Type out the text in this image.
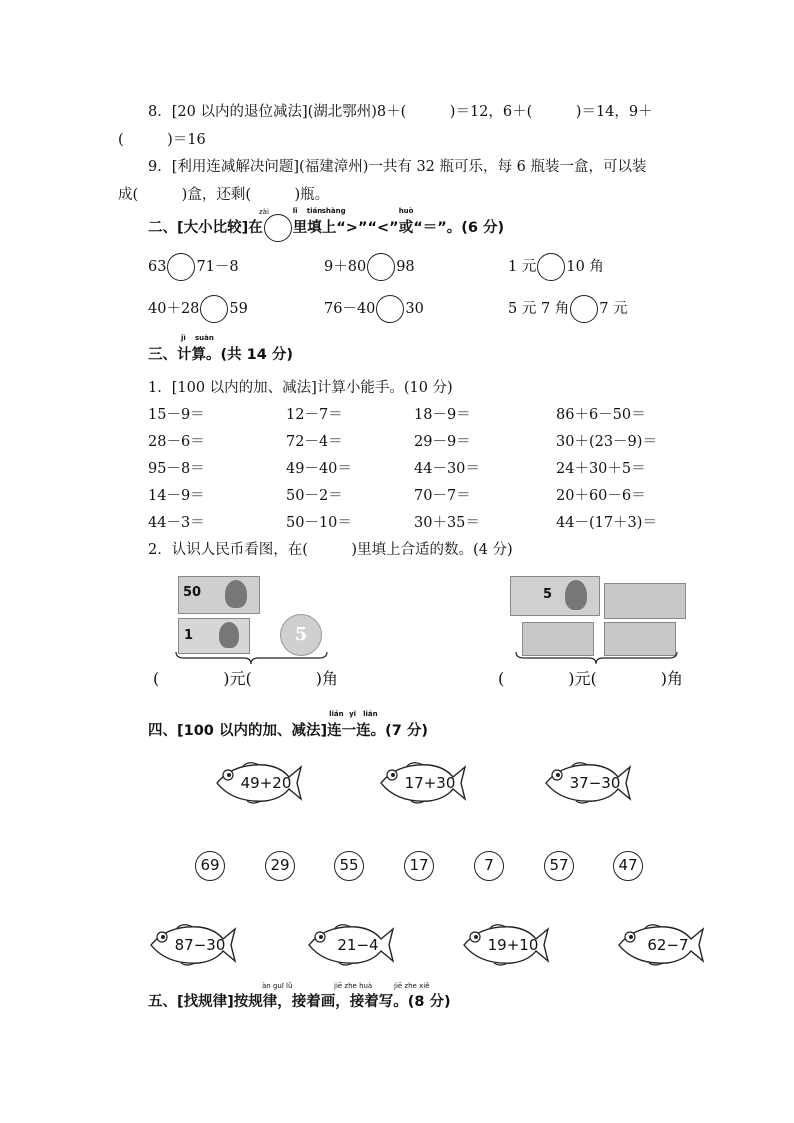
8．[20 以内的退位减法](湖北鄂州)8＋(　　　)＝12，6＋(　　　)＝14，9＋
(　　　)＝16
9．[利用连减解决问题](福建漳州)一共有 32 瓶可乐，每 6 瓶装一盒，可以装
成(　　　)盒，还剩(　　　)瓶。
二、[大小比较]在
lǐ tián
里填
shàng
上“>”“<”
huò
或“＝”。(6 分)
zài
63 71－8	9＋80 98	1 元 10 角
40＋28 59	76－40 30	5 元 7 角 7 元
三、
jì suàn
计算。(共 14 分)
1．[100 以内的加、减法]计算小能手。(10 分)
15－9＝	12－7＝	18－9＝	86＋6－50＝
28－6＝	72－4＝	29－9＝	30＋(23－9)＝
95－8＝	49－40＝	44－30＝	24＋30＋5＝
14－9＝	50－2＝	70－7＝	20＋60－6＝
44－3＝	50－10＝	30＋35＝	44－(17＋3)＝
2．认识人民币看图，在(　　　)里填上合适的数。(4 分)
50
1	5
(　　　　)元(　　　　)角
5
(　　　　)元(　　　　)角
四、[100 以内的加、减法]
lián yi lián
连一连。(7 分)
49+20	17+30	37−30
87−30	21−4	19+10	62−7
69	29	55	17	7	57	47
五、[找规律]按规律，接着画，接着写。(8 分)
àn guī lǜ	jiē zhe huà	jiē zhe xiě
